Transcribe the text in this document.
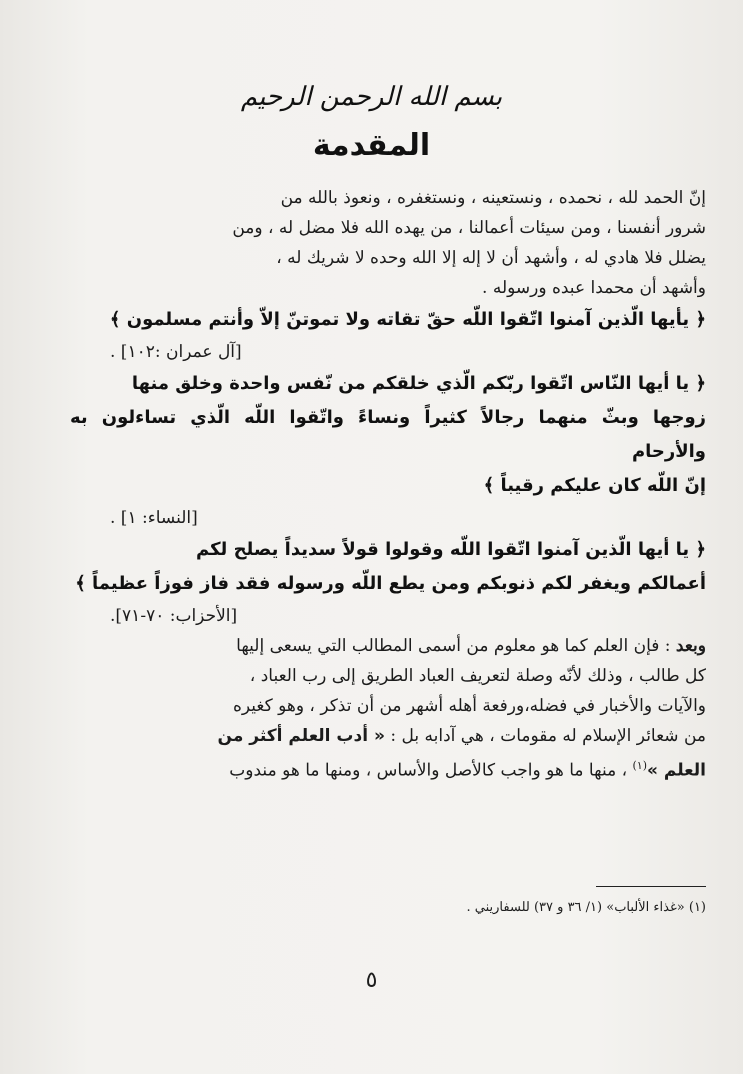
بسم الله الرحمن الرحيم
المقدمة

إنّ الحمد لله ، نحمده ، ونستعينه ، ونستغفره ، ونعوذ بالله من
شرور أنفسنا ، ومن سيئات أعمالنا ، من يهده الله فلا مضل له ، ومن
يضلل فلا هادي له ، وأشهد أن لا إله إلا الله وحده لا شريك له ،
وأشهد أن محمدا عبده ورسوله .

﴿ يأيها الّذين آمنوا اتّقوا اللّه حقّ تقاته ولا تموتنّ إلاّ وأنتم مسلمون ﴾

[آل عمران :١٠٢] .

﴿ يا أيها النّاس اتّقوا ربّكم الّذي خلقكم من نّفس واحدة وخلق منها
زوجها وبثّ منهما رجالاً كثيراً ونساءً واتّقوا اللّه الّذي تساءلون به والأرحام
إنّ اللّه كان عليكم رقيباً ﴾

[النساء: ١] .

﴿ يا أيها الّذين آمنوا اتّقوا اللّه وقولوا قولاً سديداً يصلح لكم
أعمالكم ويغفر لكم ذنوبكم ومن يطع اللّه ورسوله فقد فاز فوزاً عظيماً ﴾

[الأحزاب: ٧٠-٧١].

وبعد : فإن العلم كما هو معلوم من أسمى المطالب التي يسعى إليها
كل طالب ، وذلك لأنّه وصلة لتعريف العباد الطريق إلى رب العباد ،
والآيات والأخبار في فضله،ورفعة أهله أشهر من أن تذكر ، وهو كغيره
من شعائر الإسلام له مقومات ، هي آدابه بل : « أدب العلم أكثر من
العلم »$^{(١)}$ ، منها ما هو واجب كالأصل والأساس ، ومنها ما هو مندوب

(١) «غذاء الألباب» (١/ ٣٦ و ٣٧) للسفاريني .
٥
